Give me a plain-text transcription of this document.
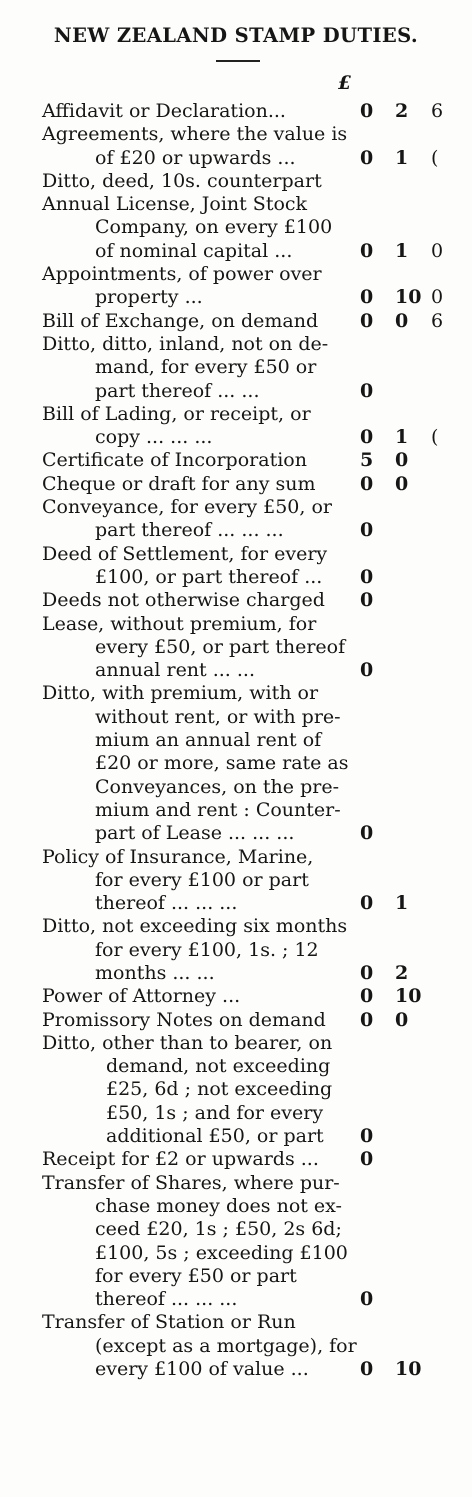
NEW ZEALAND STAMP DUTIES.
£
Affidavit or Declaration...	0 2 6
Agreements, where the value is
of £20 or upwards ...	0 1 (
Ditto, deed, 10s. counterpart
Annual License, Joint Stock
Company, on every £100
of nominal capital ...	0 1 0
Appointments, of power over
property ...	0 10 0
Bill of Exchange, on demand 0 0 6
Ditto, ditto, inland, not on de-
mand, for every £50 or
part thereof ... ...	0
Bill of Lading, or receipt, or
copy ... ... ...	0 1 (
Certificate of Incorporation	5 0
Cheque or draft for any sum 0 0
Conveyance, for every £50, or
part thereof ... ... ...	0
Deed of Settlement, for every
£100, or part thereof ... 0
Deeds not otherwise charged 0
Lease, without premium, for
every £50, or part thereof
annual rent ... ...	0
Ditto, with premium, with or
without rent, or with pre-
mium an annual rent of
£20 or more, same rate as
Conveyances, on the pre-
mium and rent : Counter-
part of Lease ... ... ...	0
Policy of Insurance, Marine,
for every £100 or part
thereof ... ... ...	0 1
Ditto, not exceeding six months
for every £100, 1s. ; 12
months ... ...	0 2
Power of Attorney ...	0 10
Promissory Notes on demand 0 0
Ditto, other than to bearer, on
demand, not exceeding
£25, 6d ; not exceeding
£50, 1s ; and for every
additional £50, or part 0
Receipt for £2 or upwards ... 0
Transfer of Shares, where pur-
chase money does not ex-
ceed £20, 1s ; £50, 2s 6d;
£100, 5s ; exceeding £100
for every £50 or part
thereof ... ... ...	0
Transfer of Station or Run
(except as a mortgage), for
every £100 of value ...	0 10
